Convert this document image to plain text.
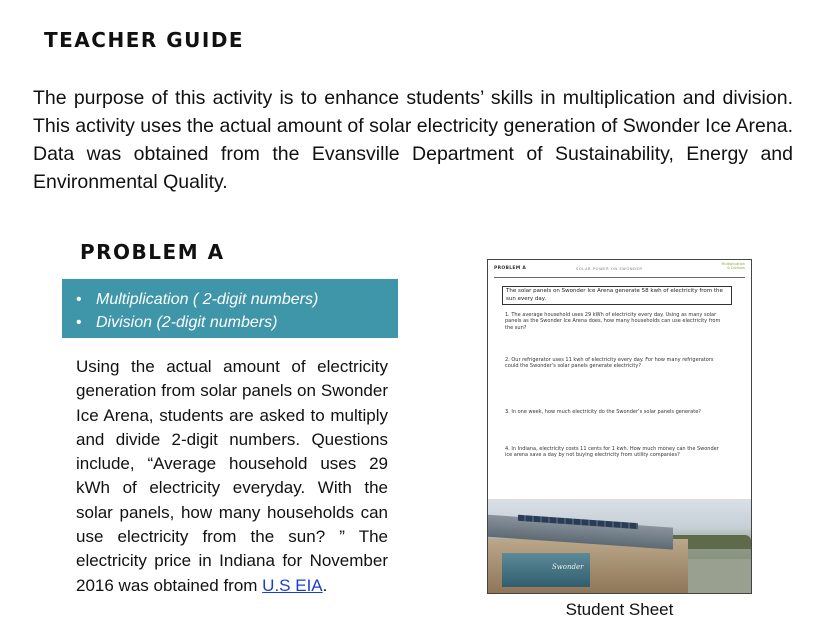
TEACHER GUIDE
The purpose of this activity is to enhance students’ skills in multiplication and division. This activity uses the actual amount of solar electricity generation of Swonder Ice Arena. Data was obtained from the Evansville Department of Sustainability, Energy and Environmental Quality.
PROBLEM A
• Multiplication ( 2-digit numbers)
• Division (2-digit numbers)
Using the actual amount of electricity generation from solar panels on Swonder Ice Arena, students are asked to multiply and divide 2-digit numbers. Questions include, “Average household uses 29 kWh of electricity everyday. With the solar panels, how many households can use electricity from the sun? ” The electricity price in Indiana for November 2016 was obtained from U.S EIA.
PROBLEM A	SOLAR POWER ON SWONDER
Multiplication
& Division
The solar panels on Swonder Ice Arena generate 58 kwh of electricity from the sun every day.
1. The average household uses 29 kWh of electricity every day. Using as many solar panels as the Swonder Ice Arena does, how many households can use electricity from the sun?
2. Our refrigerator uses 11 kwh of electricity every day. For how many refrigerators could the Swonder’s solar panels generate electricity?
3. In one week, how much electricity do the Swonder’s solar panels generate?
4. In Indiana, electricity costs 11 cents for 1 kwh. How much money can the Swonder ice arena save a day by not buying electricity from utility companies?
Swonder
Student Sheet
